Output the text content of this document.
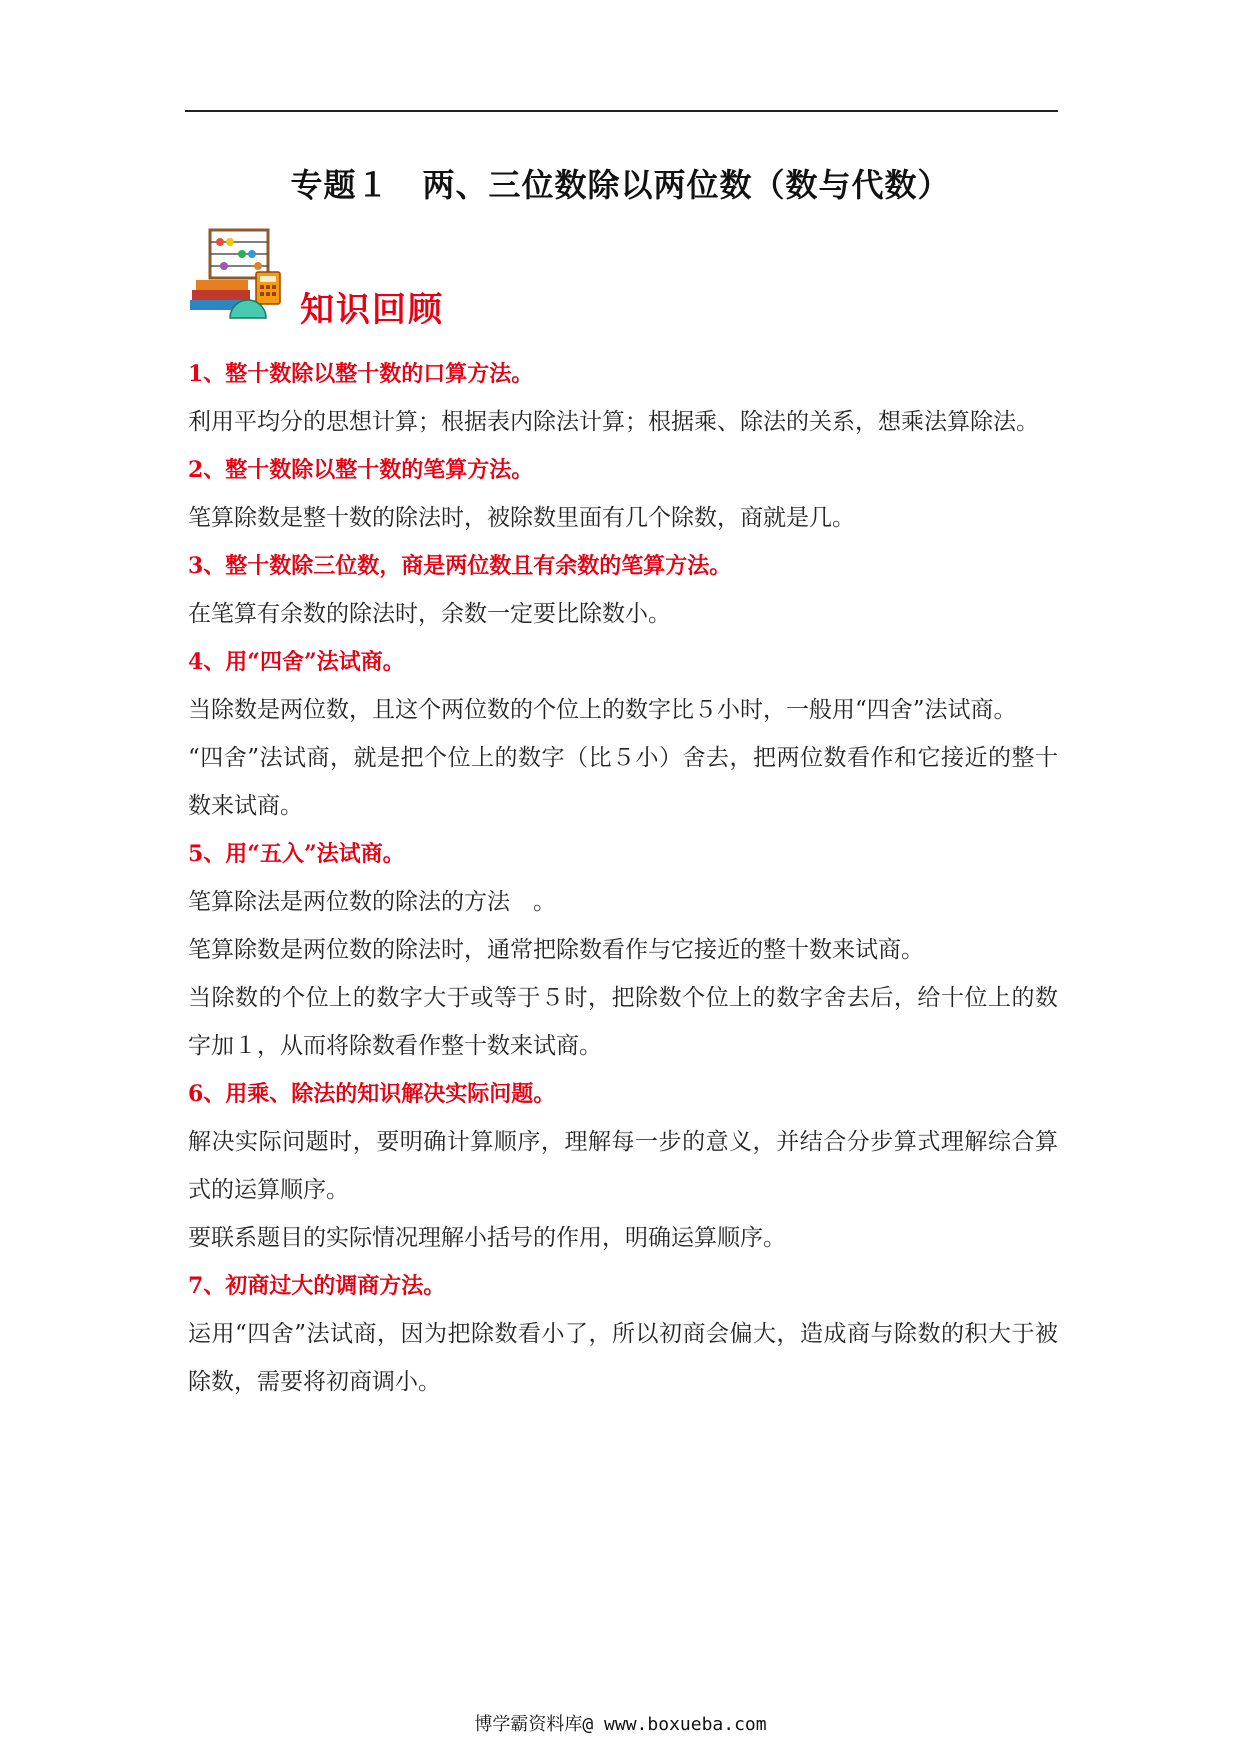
专题１　两、三位数除以两位数（数与代数）
知识回顾

1、整十数除以整十数的口算方法。

利用平均分的思想计算；根据表内除法计算；根据乘、除法的关系，想乘法算除法。

2、整十数除以整十数的笔算方法。

笔算除数是整十数的除法时，被除数里面有几个除数，商就是几。

3、整十数除三位数，商是两位数且有余数的笔算方法。

在笔算有余数的除法时，余数一定要比除数小。

4、用“四舍”法试商。

当除数是两位数，且这个两位数的个位上的数字比５小时，一般用“四舍”法试商。

“四舍”法试商，就是把个位上的数字（比５小）舍去，把两位数看作和它接近的整十数来试商。

5、用“五入”法试商。

笔算除法是两位数的除法的方法　。

笔算除数是两位数的除法时，通常把除数看作与它接近的整十数来试商。

当除数的个位上的数字大于或等于５时，把除数个位上的数字舍去后，给十位上的数字加１，从而将除数看作整十数来试商。

6、用乘、除法的知识解决实际问题。

解决实际问题时，要明确计算顺序，理解每一步的意义，并结合分步算式理解综合算式的运算顺序。

要联系题目的实际情况理解小括号的作用，明确运算顺序。

7、初商过大的调商方法。

运用“四舍”法试商，因为把除数看小了，所以初商会偏大，造成商与除数的积大于被除数，需要将初商调小。

博学霸资料库@ www.boxueba.com
